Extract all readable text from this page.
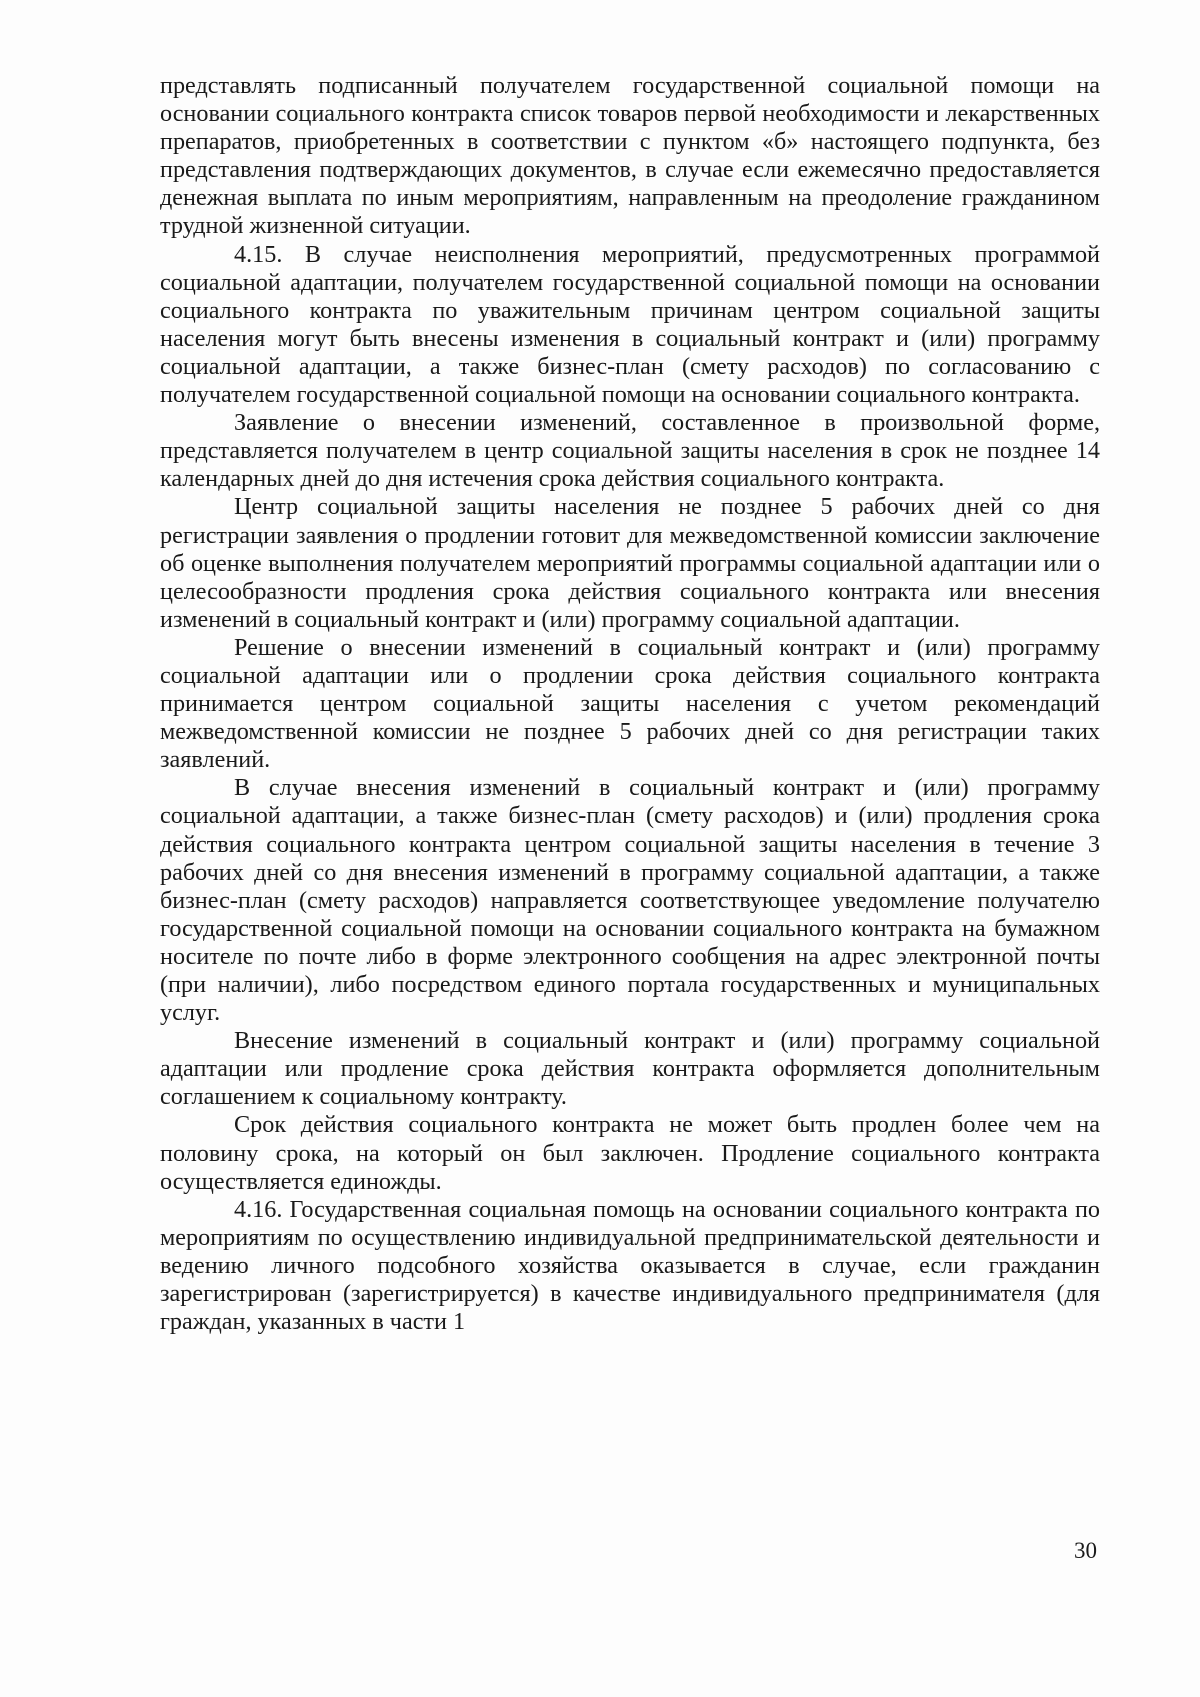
представлять подписанный получателем государственной социальной помощи на основании социального контракта список товаров первой необходимости и лекарственных препаратов, приобретенных в соответствии с пунктом «б» настоящего подпункта, без представления подтверждающих документов, в случае если ежемесячно предоставляется денежная выплата по иным мероприятиям, направленным на преодоление гражданином трудной жизненной ситуации.

4.15. В случае неисполнения мероприятий, предусмотренных программой социальной адаптации, получателем государственной социальной помощи на основании социального контракта по уважительным причинам центром социальной защиты населения могут быть внесены изменения в социальный контракт и (или) программу социальной адаптации, а также бизнес-план (смету расходов) по согласованию с получателем государственной социальной помощи на основании социального контракта.

Заявление о внесении изменений, составленное в произвольной форме, представляется получателем в центр социальной защиты населения в срок не позднее 14 календарных дней до дня истечения срока действия социального контракта.

Центр социальной защиты населения не позднее 5 рабочих дней со дня регистрации заявления о продлении готовит для межведомственной комиссии заключение об оценке выполнения получателем мероприятий программы социальной адаптации или о целесообразности продления срока действия социального контракта или внесения изменений в социальный контракт и (или) программу социальной адаптации.

Решение о внесении изменений в социальный контракт и (или) программу социальной адаптации или о продлении срока действия социального контракта принимается центром социальной защиты населения с учетом рекомендаций межведомственной комиссии не позднее 5 рабочих дней со дня регистрации таких заявлений.

В случае внесения изменений в социальный контракт и (или) программу социальной адаптации, а также бизнес-план (смету расходов) и (или) продления срока действия социального контракта центром социальной защиты населения в течение 3 рабочих дней со дня внесения изменений в программу социальной адаптации, а также бизнес-план (смету расходов) направляется соответствующее уведомление получателю государственной социальной помощи на основании социального контракта на бумажном носителе по почте либо в форме электронного сообщения на адрес электронной почты (при наличии), либо посредством единого портала государственных и муниципальных услуг.

Внесение изменений в социальный контракт и (или) программу социальной адаптации или продление срока действия контракта оформляется дополнительным соглашением к социальному контракту.

Срок действия социального контракта не может быть продлен более чем на половину срока, на который он был заключен. Продление социального контракта осуществляется единожды.

4.16. Государственная социальная помощь на основании социального контракта по мероприятиям по осуществлению индивидуальной предпринимательской деятельности и ведению личного подсобного хозяйства оказывается в случае, если гражданин зарегистрирован (зарегистрируется) в качестве индивидуального предпринимателя (для граждан, указанных в части 1

30
